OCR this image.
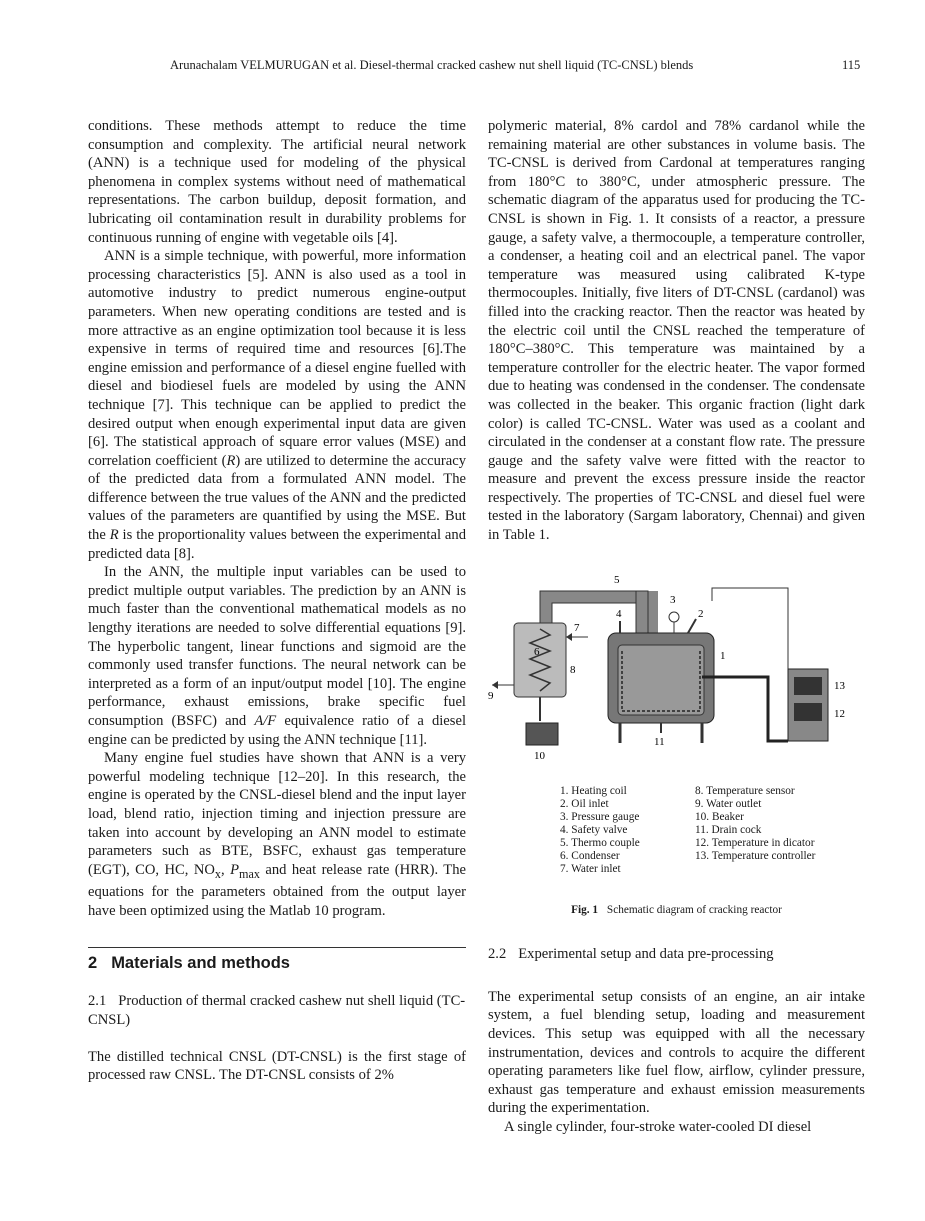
Arunachalam VELMURUGAN et al. Diesel-thermal cracked cashew nut shell liquid (TC-CNSL) blends	115

conditions. These methods attempt to reduce the time consumption and complexity. The artificial neural network (ANN) is a technique used for modeling of the physical phenomena in complex systems without need of mathematical representations. The carbon buildup, deposit formation, and lubricating oil contamination result in durability problems for continuous running of engine with vegetable oils [4].

ANN is a simple technique, with powerful, more information processing characteristics [5]. ANN is also used as a tool in automotive industry to predict numerous engine-output parameters. When new operating conditions are tested and is more attractive as an engine optimization tool because it is less expensive in terms of required time and resources [6].The engine emission and performance of a diesel engine fuelled with diesel and biodiesel fuels are modeled by using the ANN technique [7]. This technique can be applied to predict the desired output when enough experimental input data are given [6]. The statistical approach of square error values (MSE) and correlation coefficient (R) are utilized to determine the accuracy of the predicted data from a formulated ANN model. The difference between the true values of the ANN and the predicted values of the parameters are quantified by using the MSE. But the R is the proportionality values between the experimental and predicted data [8].

In the ANN, the multiple input variables can be used to predict multiple output variables. The prediction by an ANN is much faster than the conventional mathematical models as no lengthy iterations are needed to solve differential equations [9]. The hyperbolic tangent, linear functions and sigmoid are the commonly used transfer functions. The neural network can be interpreted as a form of an input/output model [10]. The engine performance, exhaust emissions, brake specific fuel consumption (BSFC) and A/F equivalence ratio of a diesel engine can be predicted by using the ANN technique [11].

Many engine fuel studies have shown that ANN is a very powerful modeling technique [12–20]. In this research, the engine is operated by the CNSL-diesel blend and the input layer load, blend ratio, injection timing and injection pressure are taken into account by developing an ANN model to estimate parameters such as BTE, BSFC, exhaust gas temperature (EGT), CO, HC, $NO_x$, $P_{max}$ and heat release rate (HRR). The equations for the parameters obtained from the output layer have been optimized using the Matlab 10 program.

2 Materials and methods
2.1 Production of thermal cracked cashew nut shell liquid (TC-CNSL)

The distilled technical CNSL (DT-CNSL) is the first stage of processed raw CNSL. The DT-CNSL consists of 2%

polymeric material, 8% cardol and 78% cardanol while the remaining material are other substances in volume basis. The TC-CNSL is derived from Cardonal at temperatures ranging from 180°C to 380°C, under atmospheric pressure. The schematic diagram of the apparatus used for producing the TC-CNSL is shown in Fig. 1. It consists of a reactor, a pressure gauge, a safety valve, a thermocouple, a temperature controller, a condenser, a heating coil and an electrical panel. The vapor temperature was measured using calibrated K-type thermocouples. Initially, five liters of DT-CNSL (cardanol) was filled into the cracking reactor. Then the reactor was heated by the electric coil until the CNSL reached the temperature of 180°C–380°C. This temperature was maintained by a temperature controller for the electric heater. The vapor formed due to heating was condensed in the condenser. The condensate was collected in the beaker. This organic fraction (light dark color) is called TC-CNSL. Water was used as a coolant and circulated in the condenser at a constant flow rate. The pressure gauge and the safety valve were fitted with the reactor to measure and prevent the excess pressure inside the reactor respectively. The properties of TC-CNSL and diesel fuel were tested in the laboratory (Sargam laboratory, Chennai) and given in Table 1.

1
2
3
4
5
6
7
8
9
10
11
12
13
1. Heating coil
2. Oil inlet
3. Pressure gauge
4. Safety valve
5. Thermo couple
6. Condenser
7. Water inlet
8. Temperature sensor
9. Water outlet
10. Beaker
11. Drain cock
12. Temperature in dicator
13. Temperature controller
Fig. 1 Schematic diagram of cracking reactor
2.2 Experimental setup and data pre-processing

The experimental setup consists of an engine, an air intake system, a fuel blending setup, loading and measurement devices. This setup was equipped with all the necessary instrumentation, devices and controls to acquire the different operating parameters like fuel flow, airflow, cylinder pressure, exhaust gas temperature and exhaust emission measurements during the experimentation.

A single cylinder, four-stroke water-cooled DI diesel
